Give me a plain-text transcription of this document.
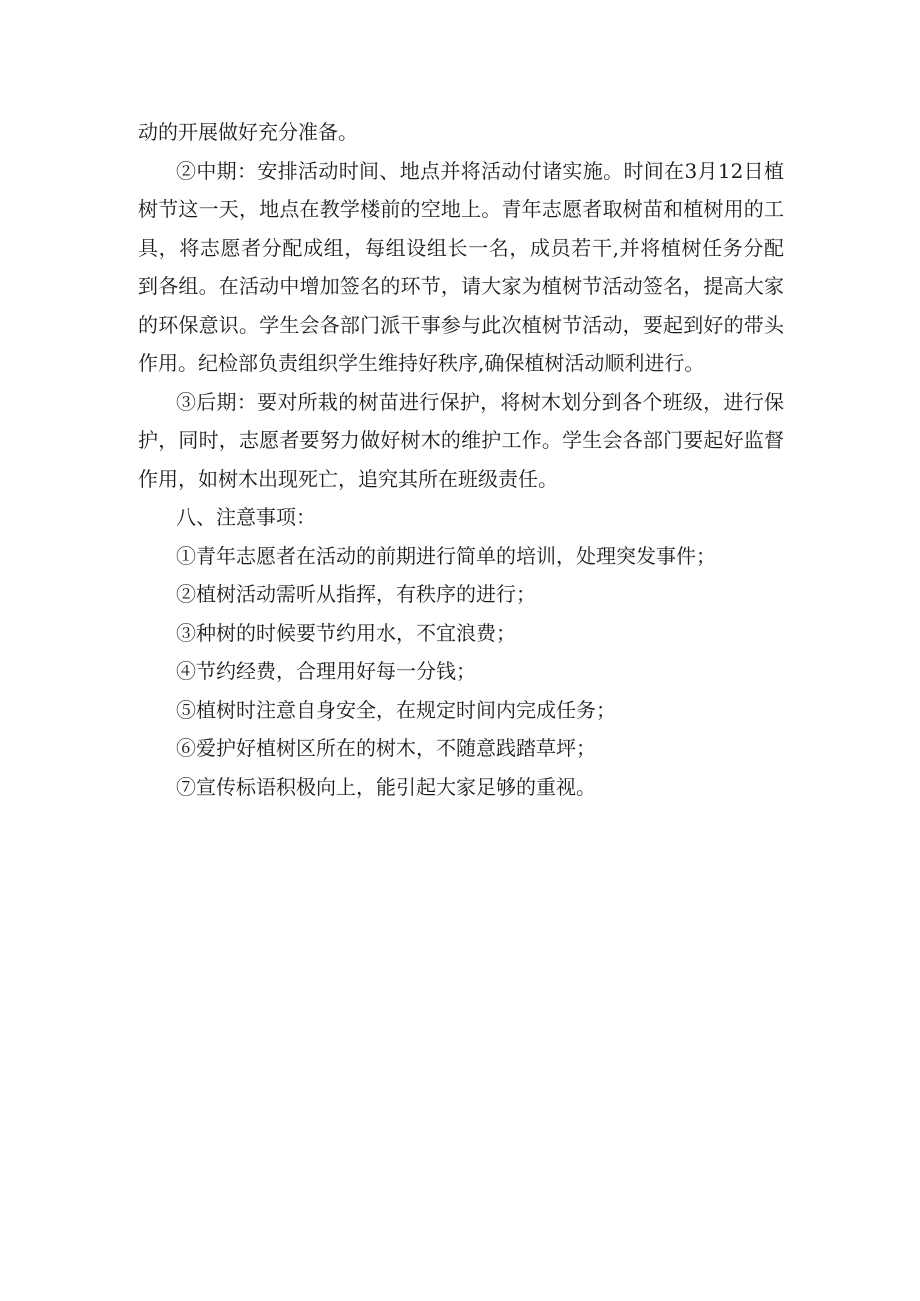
动的开展做好充分准备。

②中期：安排活动时间、地点并将活动付诸实施。时间在3月12日植树节这一天，地点在教学楼前的空地上。青年志愿者取树苗和植树用的工具，将志愿者分配成组，每组设组长一名，成员若干,并将植树任务分配到各组。在活动中增加签名的环节，请大家为植树节活动签名，提高大家的环保意识。学生会各部门派干事参与此次植树节活动，要起到好的带头作用。纪检部负责组织学生维持好秩序,确保植树活动顺利进行。

③后期：要对所栽的树苗进行保护，将树木划分到各个班级，进行保护，同时，志愿者要努力做好树木的维护工作。学生会各部门要起好监督作用，如树木出现死亡，追究其所在班级责任。

八、注意事项：

①青年志愿者在活动的前期进行简单的培训，处理突发事件；

②植树活动需听从指挥，有秩序的进行；

③种树的时候要节约用水，不宜浪费；

④节约经费，合理用好每一分钱；

⑤植树时注意自身安全，在规定时间内完成任务；

⑥爱护好植树区所在的树木，不随意践踏草坪；

⑦宣传标语积极向上，能引起大家足够的重视。
